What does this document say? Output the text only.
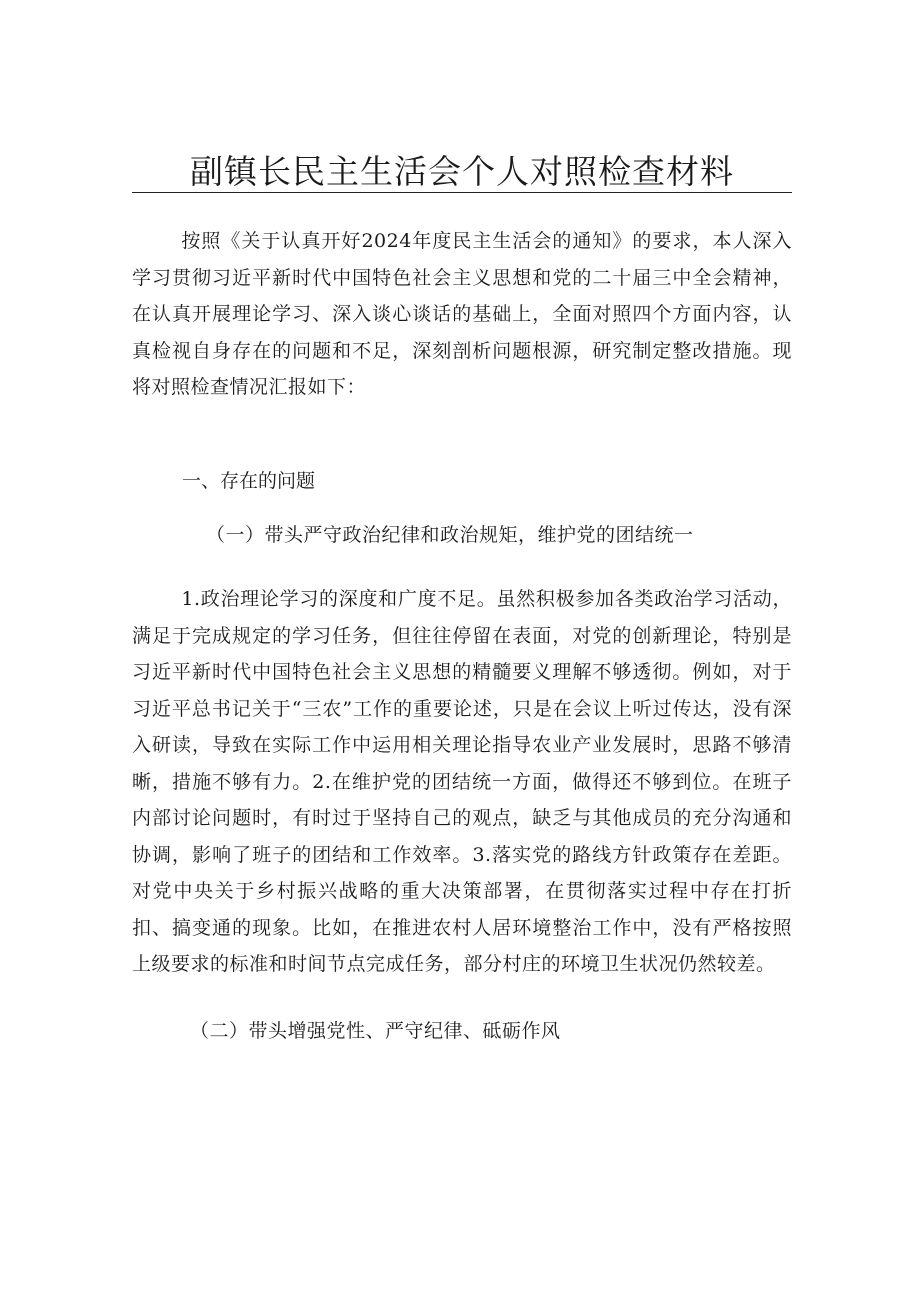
副镇长民主生活会个人对照检查材料

按照《关于认真开好2024年度民主生活会的通知》的要求，本人深入学习贯彻习近平新时代中国特色社会主义思想和党的二十届三中全会精神，在认真开展理论学习、深入谈心谈话的基础上，全面对照四个方面内容，认真检视自身存在的问题和不足，深刻剖析问题根源，研究制定整改措施。现将对照检查情况汇报如下：

一、存在的问题

（一）带头严守政治纪律和政治规矩，维护党的团结统一

1.政治理论学习的深度和广度不足。虽然积极参加各类政治学习活动，满足于完成规定的学习任务，但往往停留在表面，对党的创新理论，特别是习近平新时代中国特色社会主义思想的精髓要义理解不够透彻。例如，对于习近平总书记关于“三农”工作的重要论述，只是在会议上听过传达，没有深入研读，导致在实际工作中运用相关理论指导农业产业发展时，思路不够清晰，措施不够有力。2.在维护党的团结统一方面，做得还不够到位。在班子内部讨论问题时，有时过于坚持自己的观点，缺乏与其他成员的充分沟通和协调，影响了班子的团结和工作效率。3.落实党的路线方针政策存在差距。对党中央关于乡村振兴战略的重大决策部署，在贯彻落实过程中存在打折扣、搞变通的现象。比如，在推进农村人居环境整治工作中，没有严格按照上级要求的标准和时间节点完成任务，部分村庄的环境卫生状况仍然较差。

（二）带头增强党性、严守纪律、砥砺作风
